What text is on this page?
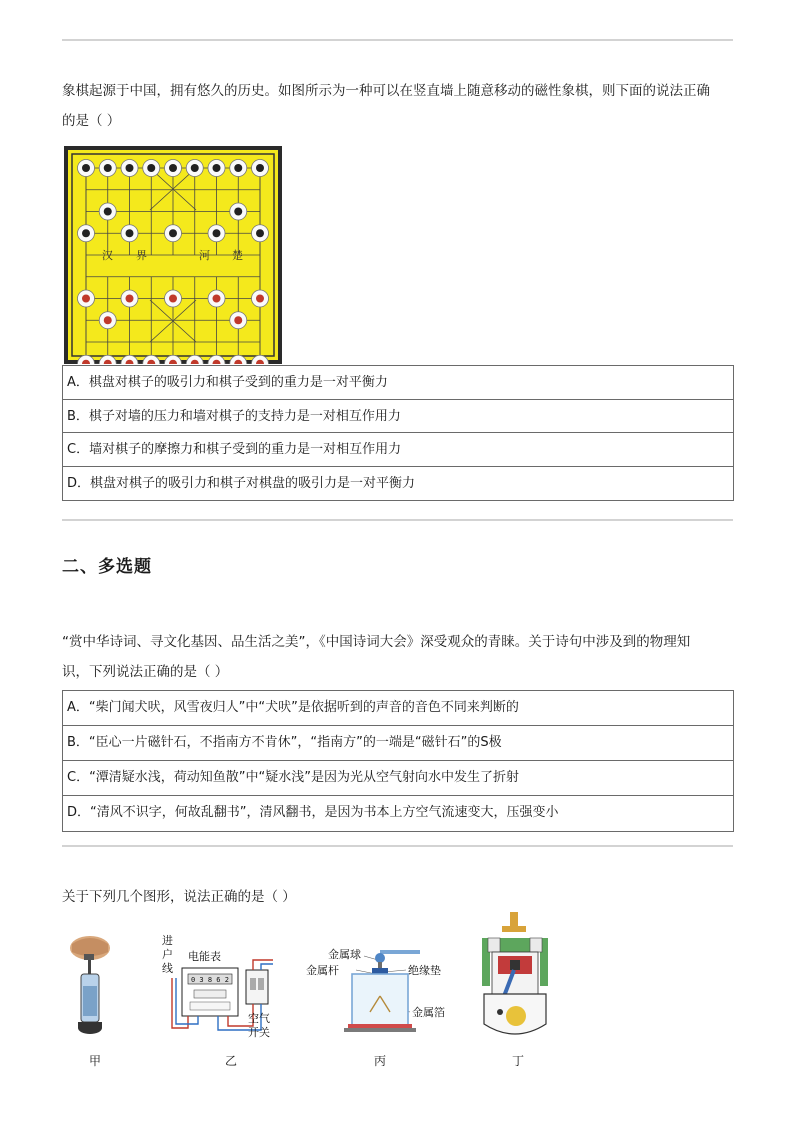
象棋起源于中国，拥有悠久的历史。如图所示为一种可以在竖直墙上随意移动的磁性象棋，则下面的说法正确
的是（ ）
汉 界	河 楚
A．棋盘对棋子的吸引力和棋子受到的重力是一对平衡力
B．棋子对墙的压力和墙对棋子的支持力是一对相互作用力
C．墙对棋子的摩擦力和棋子受到的重力是一对相互作用力
D．棋盘对棋子的吸引力和棋子对棋盘的吸引力是一对平衡力
二、多选题
“赏中华诗词、寻文化基因、品生活之美”，《中国诗词大会》深受观众的青睐。关于诗句中涉及到的物理知
识，下列说法正确的是（ ）
A．“柴门闻犬吠，风雪夜归人”中“犬吠”是依据听到的声音的音色不同来判断的
B．“臣心一片磁针石，不指南方不肯休”，“指南方”的一端是“磁针石”的S极
C．“潭清疑水浅，荷动知鱼散”中“疑水浅”是因为光从空气射向水中发生了折射
D．“清风不识字，何故乱翻书”，清风翻书，是因为书本上方空气流速变大，压强变小
关于下列几个图形，说法正确的是（ ）
甲
进
户
线
电能表
0 3 8 6 2
空气
开关
乙
金属球
金属杆	绝缘垫
金属箔
丙	丁
